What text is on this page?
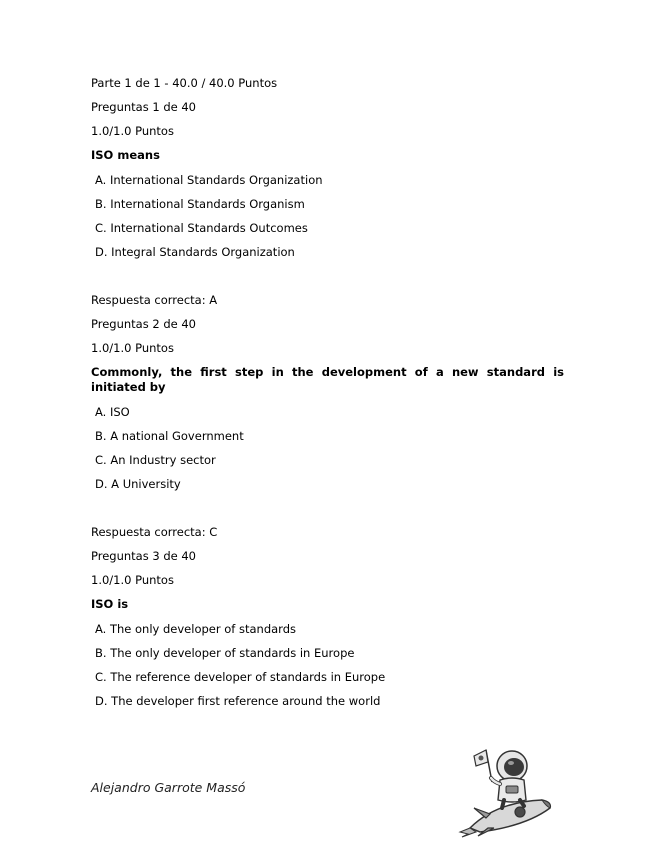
Parte 1 de 1 - 40.0 / 40.0 Puntos
Preguntas 1 de 40
1.0/1.0 Puntos
ISO means
A. International Standards Organization
B. International Standards Organism
C. International Standards Outcomes
D. Integral Standards Organization
Respuesta correcta: A
Preguntas 2 de 40
1.0/1.0 Puntos
Commonly, the first step in the development of a new standard is initiated by
A. ISO
B. A national Government
C. An Industry sector
D. A University
Respuesta correcta: C
Preguntas 3 de 40
1.0/1.0 Puntos
ISO is
A. The only developer of standards
B. The only developer of standards in Europe
C. The reference developer of standards in Europe
D. The developer first reference around the world
Alejandro Garrote Massó
